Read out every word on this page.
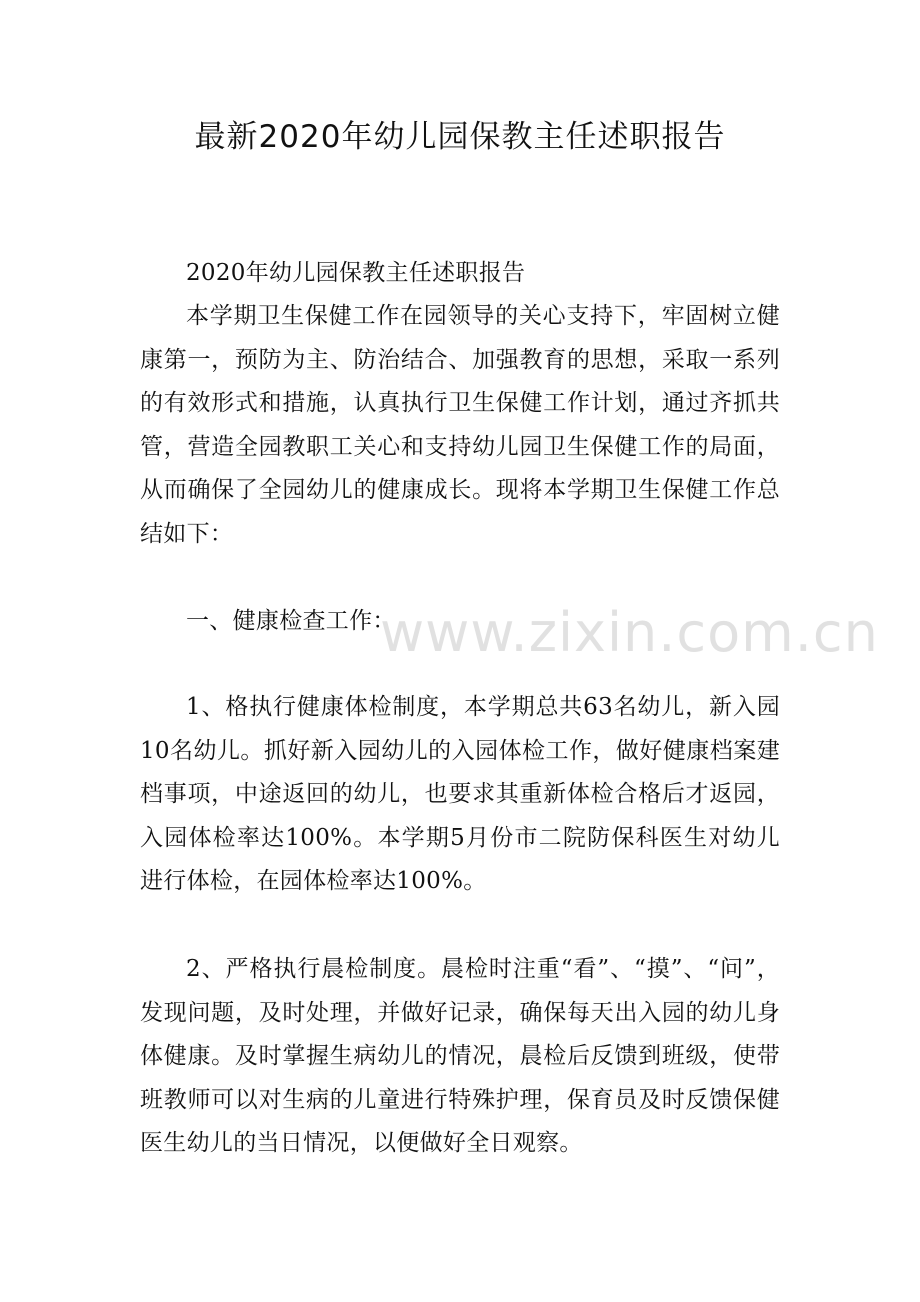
最新2020年幼儿园保教主任述职报告

2020年幼儿园保教主任述职报告

本学期卫生保健工作在园领导的关心支持下，牢固树立健康第一，预防为主、防治结合、加强教育的思想，采取一系列的有效形式和措施，认真执行卫生保健工作计划，通过齐抓共管，营造全园教职工关心和支持幼儿园卫生保健工作的局面，从而确保了全园幼儿的健康成长。现将本学期卫生保健工作总结如下：

一、健康检查工作：

www.zixin.com.cn

1、格执行健康体检制度，本学期总共63名幼儿，新入园10名幼儿。抓好新入园幼儿的入园体检工作，做好健康档案建档事项，中途返回的幼儿，也要求其重新体检合格后才返园，入园体检率达100%。本学期5月份市二院防保科医生对幼儿进行体检，在园体检率达100%。

2、严格执行晨检制度。晨检时注重“看”、“摸”、“问”，发现问题，及时处理，并做好记录，确保每天出入园的幼儿身体健康。及时掌握生病幼儿的情况，晨检后反馈到班级，使带班教师可以对生病的儿童进行特殊护理，保育员及时反馈保健医生幼儿的当日情况，以便做好全日观察。
